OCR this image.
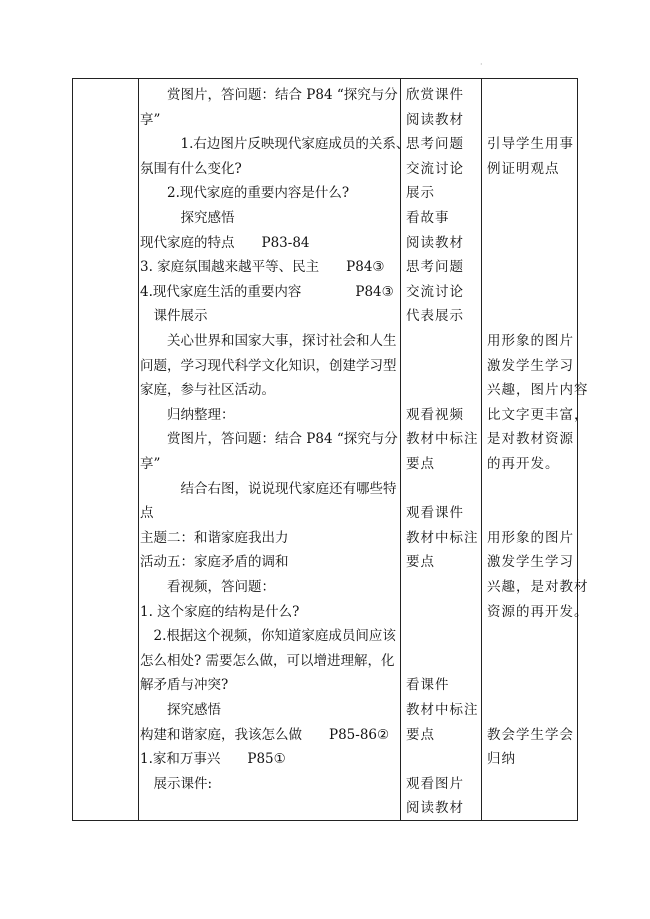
·
　　赏图片，答问题：结合 P84 “探究与分
享”
　　　1.右边图片反映现代家庭成员的关系、
氛围有什么变化?
　　2.现代家庭的重要内容是什么?
　　　探究感悟
现代家庭的特点　　P83-84
3. 家庭氛围越来越平等、民主　　P84③
4.现代家庭生活的重要内容　　　　P84③
　课件展示
　　关心世界和国家大事，探讨社会和人生
问题，学习现代科学文化知识，创建学习型
家庭，参与社区活动。
　　归纳整理：
　　赏图片，答问题：结合 P84 “探究与分
享”
　　　结合右图，说说现代家庭还有哪些特
点
主题二：和谐家庭我出力
活动五：家庭矛盾的调和
　　看视频，答问题：
1. 这个家庭的结构是什么?
　2.根据这个视频，你知道家庭成员间应该
怎么相处? 需要怎么做，可以增进理解，化
解矛盾与冲突?
　　探究感悟
构建和谐家庭，我该怎么做　　P85-86②
1.家和万事兴　　P85①
　展示课件:
欣赏课件
阅读教材
思考问题
交流讨论
展示
看故事
阅读教材
思考问题
交流讨论
代表展示
观看视频
教材中标注
要点
观看课件
教材中标注
要点
看课件
教材中标注
要点
观看图片
阅读教材
引导学生用事
例证明观点
用形象的图片
激发学生学习
兴趣，图片内容
比文字更丰富，
是对教材资源
的再开发。
用形象的图片
激发学生学习
兴趣，是对教材
资源的再开发。
教会学生学会
归纳
